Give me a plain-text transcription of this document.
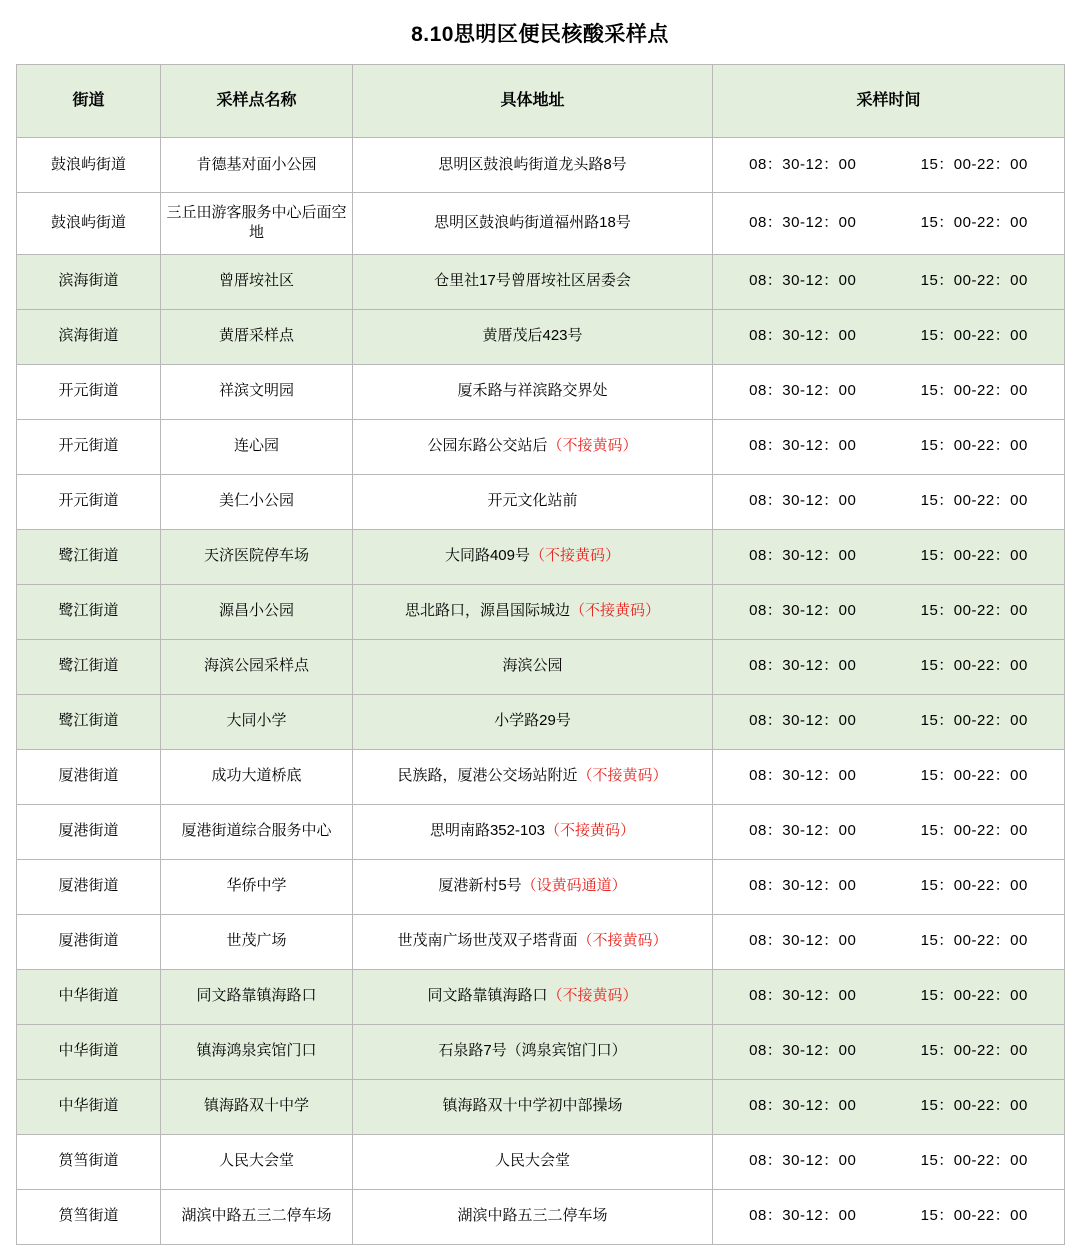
8.10思明区便民核酸采样点
街道	采样点名称	具体地址	采样时间
鼓浪屿街道	肯德基对面小公园	思明区鼓浪屿街道龙头路8号	08：30-12：00 15：00-22：00

鼓浪屿街道	三丘田游客服务中心后面空地	思明区鼓浪屿街道福州路18号	08：30-12：00 15：00-22：00

滨海街道	曾厝垵社区	仓里社17号曾厝垵社区居委会	08：30-12：00 15：00-22：00

滨海街道	黄厝采样点	黄厝茂后423号	08：30-12：00 15：00-22：00

开元街道	祥滨文明园	厦禾路与祥滨路交界处	08：30-12：00 15：00-22：00

开元街道	连心园	公园东路公交站后（不接黄码）	08：30-12：00 15：00-22：00

开元街道	美仁小公园	开元文化站前	08：30-12：00 15：00-22：00

鹭江街道	天济医院停车场	大同路409号（不接黄码）	08：30-12：00 15：00-22：00

鹭江街道	源昌小公园	思北路口，源昌国际城边（不接黄码）	08：30-12：00 15：00-22：00

鹭江街道	海滨公园采样点	海滨公园	08：30-12：00 15：00-22：00

鹭江街道	大同小学	小学路29号	08：30-12：00 15：00-22：00

厦港街道	成功大道桥底	民族路，厦港公交场站附近（不接黄码）	08：30-12：00 15：00-22：00

厦港街道	厦港街道综合服务中心	思明南路352-103（不接黄码）	08：30-12：00 15：00-22：00

厦港街道	华侨中学	厦港新村5号（设黄码通道）	08：30-12：00 15：00-22：00

厦港街道	世茂广场	世茂南广场世茂双子塔背面（不接黄码）	08：30-12：00 15：00-22：00

中华街道	同文路靠镇海路口	同文路靠镇海路口（不接黄码）	08：30-12：00 15：00-22：00

中华街道	镇海鸿泉宾馆门口	石泉路7号（鸿泉宾馆门口）	08：30-12：00 15：00-22：00

中华街道	镇海路双十中学	镇海路双十中学初中部操场	08：30-12：00 15：00-22：00

筼筜街道	人民大会堂	人民大会堂	08：30-12：00 15：00-22：00

筼筜街道	湖滨中路五三二停车场	湖滨中路五三二停车场	08：30-12：00 15：00-22：00
